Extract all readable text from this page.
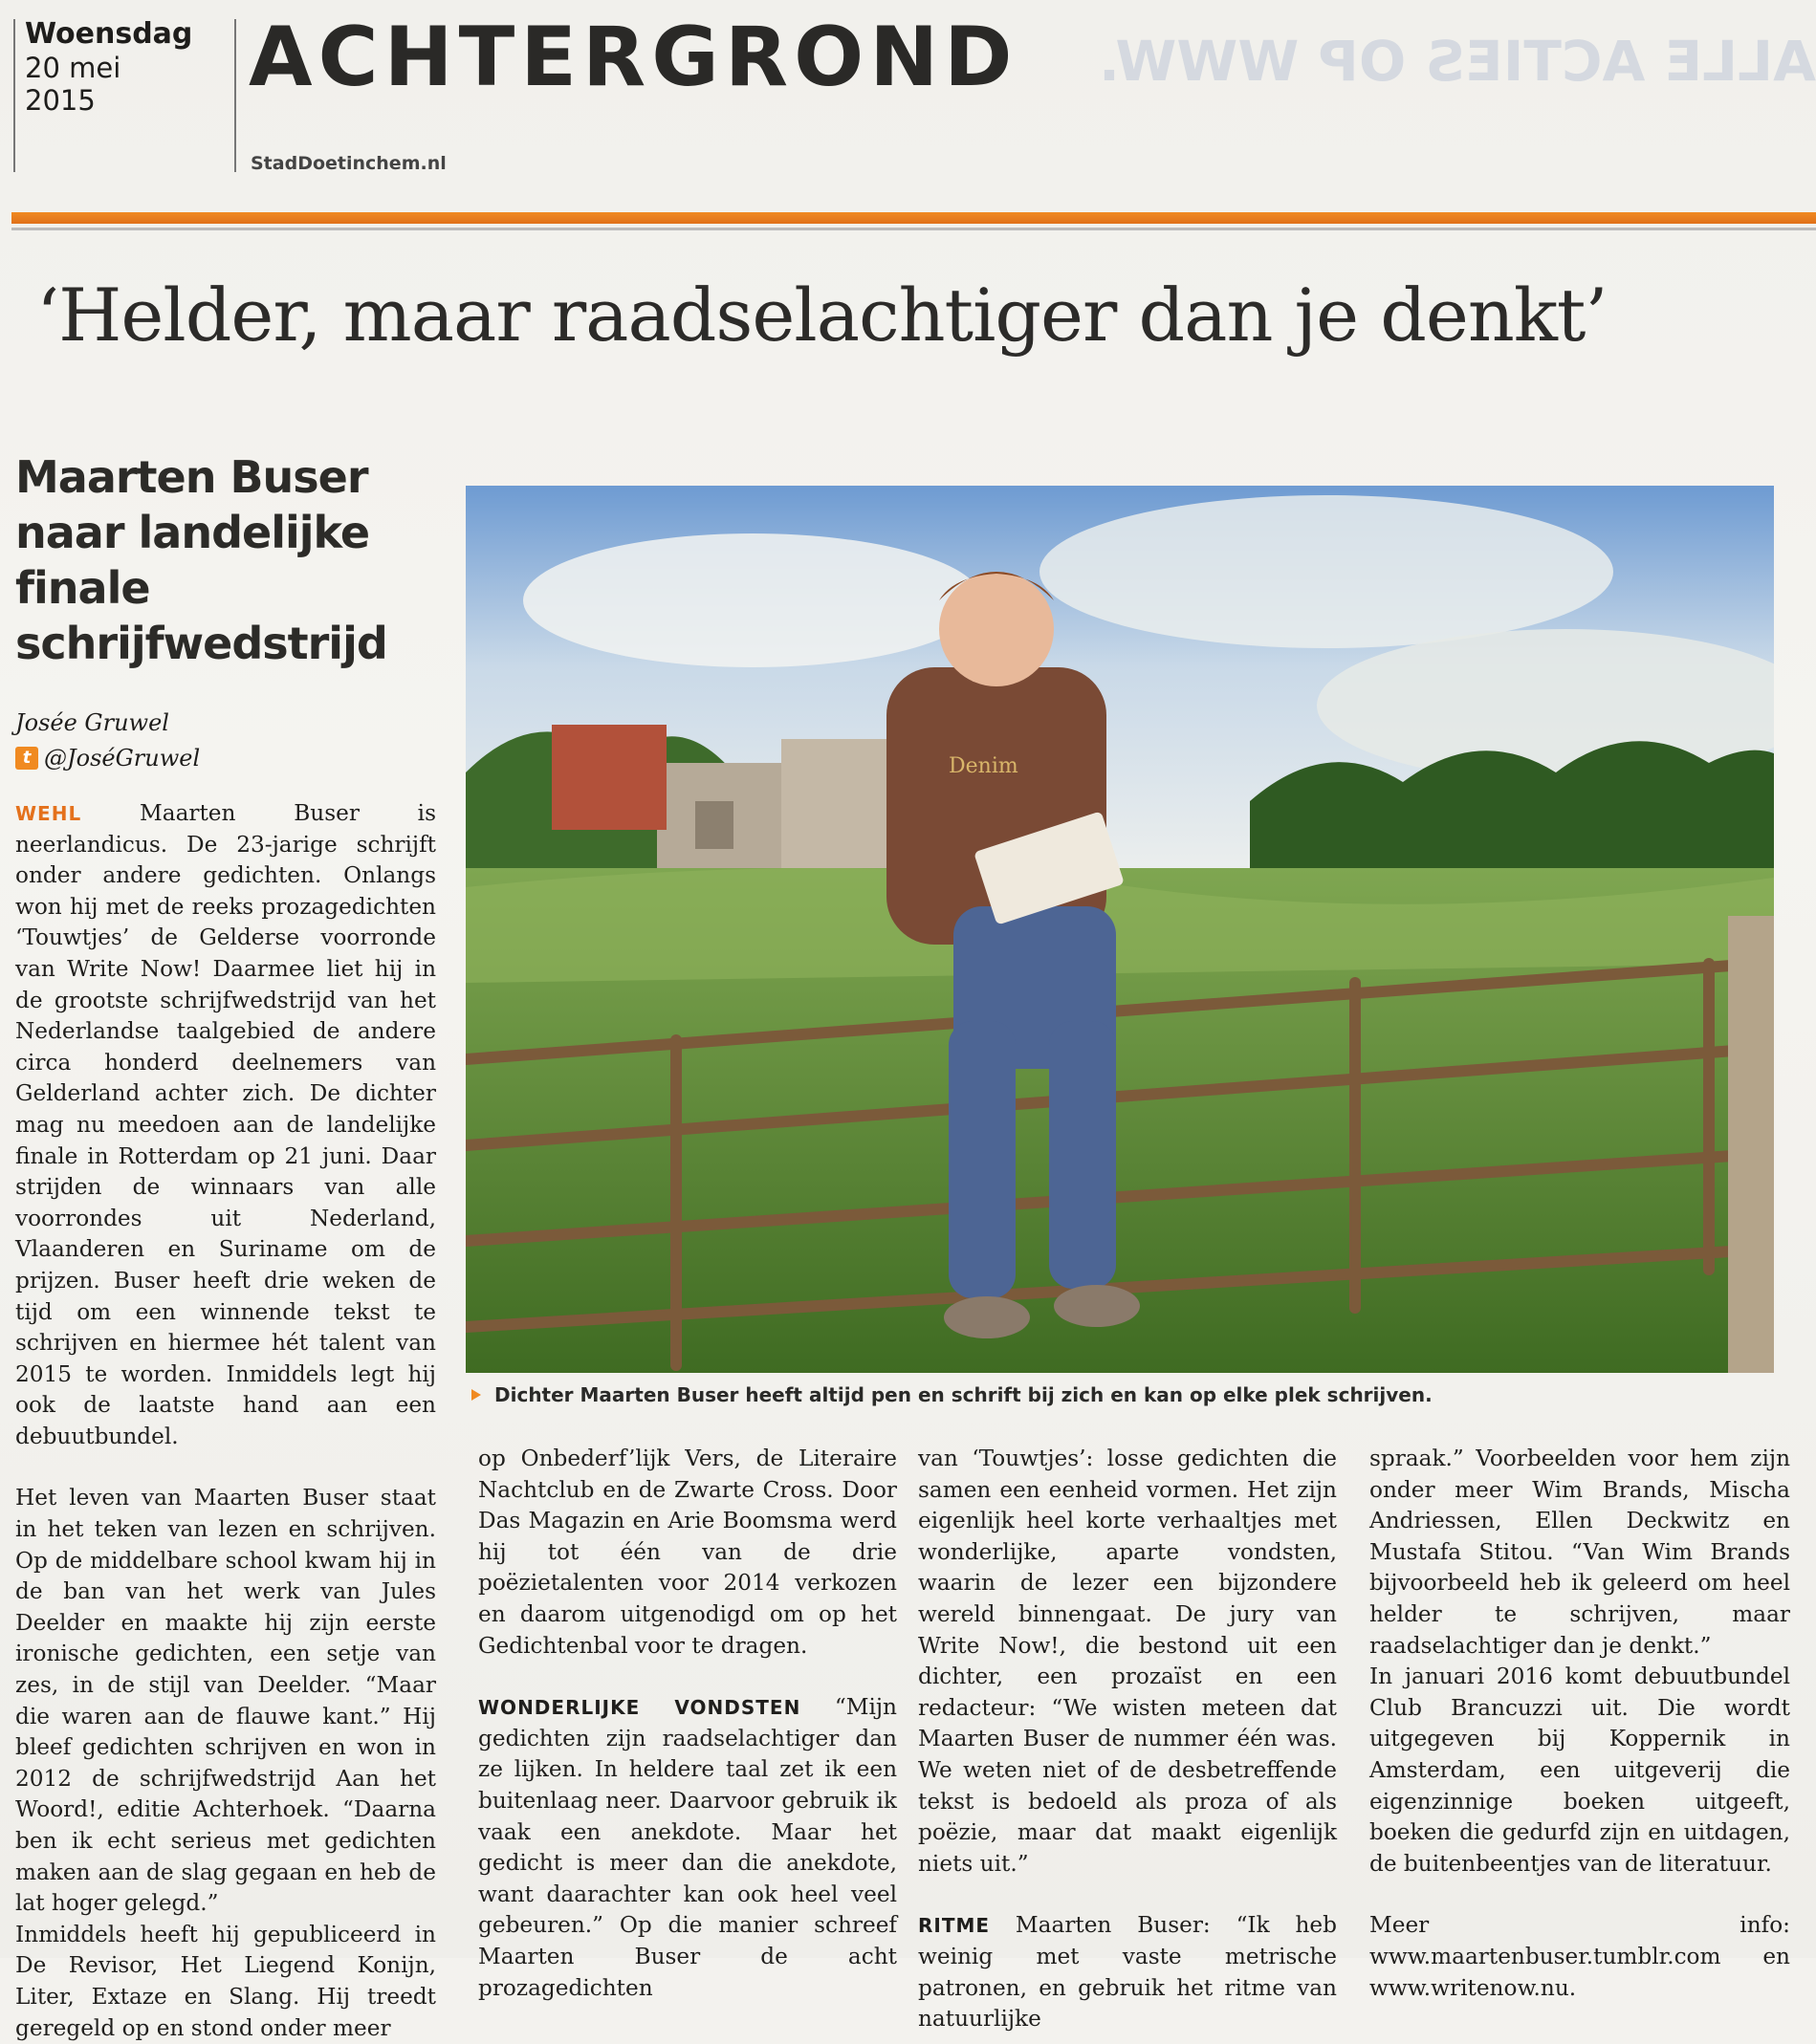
Woensdag
20 mei
2015	ACHTERGROND	ALLE ACTIES OP WWW.
StadDoetinchem.nl
‘Helder, maar raadselachtiger dan je denkt’
Maarten Buser
naar landelijke
finale
schrijfwedstrijd
Josée Gruwel
t @JoséGruwel

WEHL	Maarten Buser is neerlandicus. De 23-jarige schrijft onder andere gedichten. Onlangs won hij met de reeks prozagedichten ‘Touwtjes’ de Gelderse voorronde van Write Now! Daarmee liet hij in de grootste schrijfwedstrijd van het Nederlandse taalgebied de andere circa honderd deelnemers van Gelderland achter zich. De dichter mag nu meedoen aan de landelijke finale in Rotterdam op 21 juni. Daar strijden de winnaars van alle voorrondes uit Nederland, Vlaanderen en Suriname om de prijzen. Buser heeft drie weken de tijd om een winnende tekst te schrijven en hiermee hét talent van 2015 te worden. Inmiddels legt hij ook de laatste hand aan een debuutbundel.

Het leven van Maarten Buser staat in het teken van lezen en schrijven. Op de middelbare school kwam hij in de ban van het werk van Jules Deelder en maakte hij zijn eerste ironische gedichten, een setje van zes, in de stijl van Deelder. “Maar die waren aan de flauwe kant.” Hij bleef gedichten schrijven en won in 2012 de schrijfwedstrijd Aan het Woord!, editie Achterhoek. “Daarna ben ik echt serieus met gedichten maken aan de slag gegaan en heb de lat hoger gelegd.”

Inmiddels heeft hij gepubliceerd in De Revisor, Het Liegend Konijn, Liter, Extaze en Slang. Hij treedt geregeld op en stond onder meer

Denim
Dichter Maarten Buser heeft altijd pen en schrift bij zich en kan op elke plek schrijven.

op Onbederf’lijk Vers, de Literaire Nachtclub en de Zwarte Cross. Door Das Magazin en Arie Boomsma werd hij tot één van de drie poëzietalenten voor 2014 verkozen en daarom uitgenodigd om op het Gedichtenbal voor te dragen.

WONDERLIJKE VONDSTEN “Mijn gedichten zijn raadselachtiger dan ze lijken. In heldere taal zet ik een buitenlaag neer. Daarvoor gebruik ik vaak een anekdote. Maar het gedicht is meer dan die anekdote, want daarachter kan ook heel veel gebeuren.” Op die manier schreef Maarten Buser de acht prozagedichten

van ‘Touwtjes’: losse gedichten die samen een eenheid vormen. Het zijn eigenlijk heel korte verhaaltjes met wonderlijke, aparte vondsten, waarin de lezer een bijzondere wereld binnengaat. De jury van Write Now!, die bestond uit een dichter, een prozaïst en een redacteur: “We wisten meteen dat Maarten Buser de nummer één was. We weten niet of de desbetreffende tekst is bedoeld als proza of als poëzie, maar dat maakt eigenlijk niets uit.”

RITME Maarten Buser: “Ik heb weinig met vaste metrische patronen, en gebruik het ritme van natuurlijke

spraak.” Voorbeelden voor hem zijn onder meer Wim Brands, Mischa Andriessen, Ellen Deckwitz en Mustafa Stitou. “Van Wim Brands bijvoorbeeld heb ik geleerd om heel helder te schrijven, maar raadselachtiger dan je denkt.”

In januari 2016 komt debuutbundel Club Brancuzzi uit. Die wordt uitgegeven bij Koppernik in Amsterdam, een uitgeverij die eigenzinnige boeken uitgeeft, boeken die gedurfd zijn en uitdagen, de buitenbeentjes van de literatuur.

Meer info: www.maartenbuser.tumblr.com en www.writenow.nu.
